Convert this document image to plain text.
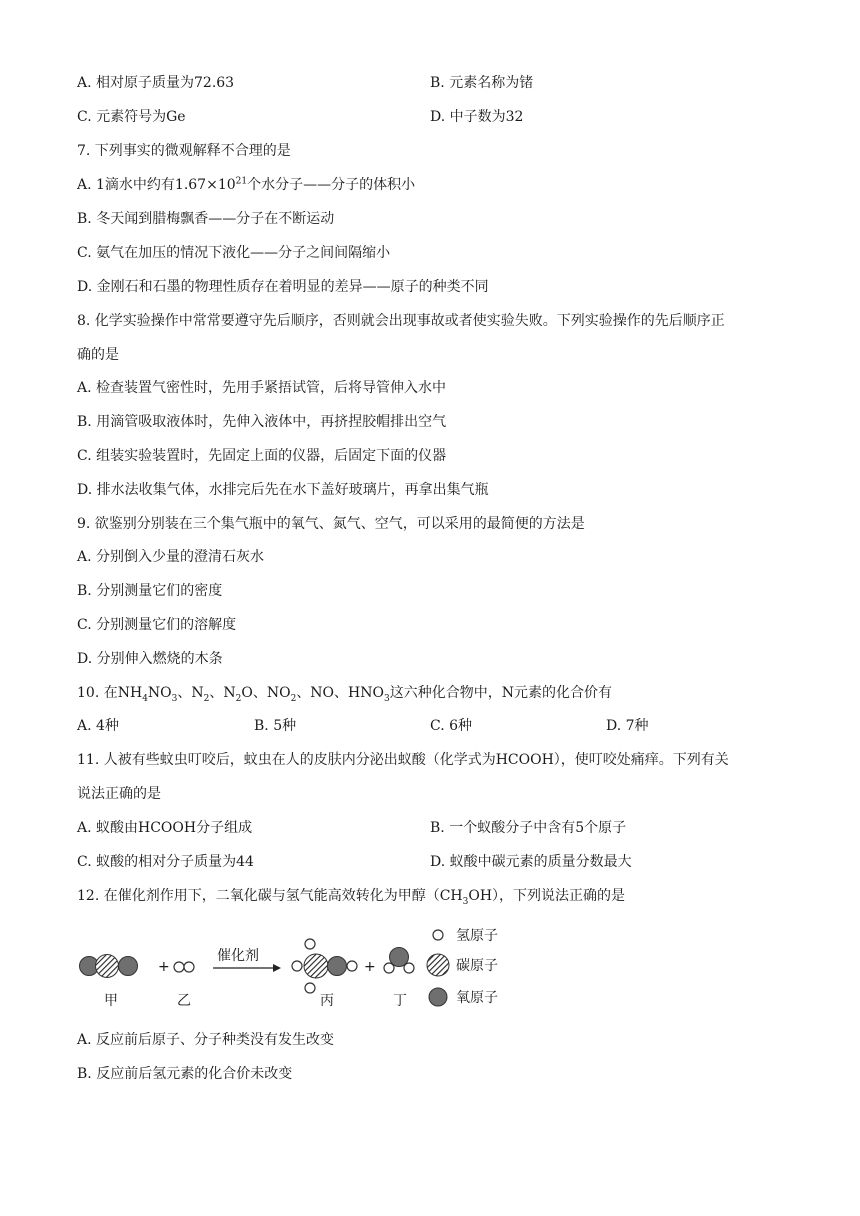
A. 相对原子质量为72.63	B. 元素名称为锗
C. 元素符号为Ge	D. 中子数为32
7. 下列事实的微观解释不合理的是
A. 1滴水中约有$1.67\times 10^{21}$个水分子——分子的体积小
B. 冬天闻到腊梅飘香——分子在不断运动
C. 氨气在加压的情况下液化——分子之间间隔缩小
D. 金刚石和石墨的物理性质存在着明显的差异——原子的种类不同
8. 化学实验操作中常常要遵守先后顺序，否则就会出现事故或者使实验失败。下列实验操作的先后顺序正
确的是
A. 检查装置气密性时，先用手紧捂试管，后将导管伸入水中
B. 用滴管吸取液体时，先伸入液体中，再挤捏胶帽排出空气
C. 组装实验装置时，先固定上面的仪器，后固定下面的仪器
D. 排水法收集气体，水排完后先在水下盖好玻璃片，再拿出集气瓶
9. 欲鉴别分别装在三个集气瓶中的氧气、氮气、空气，可以采用的最简便的方法是
A. 分别倒入少量的澄清石灰水
B. 分别测量它们的密度
C. 分别测量它们的溶解度
D. 分别伸入燃烧的木条
10. 在$NH_4NO_3$、$N_2$、$N_2O$、$NO_2$、NO、$HNO_3$这六种化合物中，N元素的化合价有
A. 4种	B. 5种	C. 6种	D. 7种
11. 人被有些蚊虫叮咬后，蚊虫在人的皮肤内分泌出蚁酸（化学式为HCOOH），使叮咬处痛痒。下列有关
说法正确的是
A. 蚁酸由HCOOH分子组成	B. 一个蚁酸分子中含有5个原子
C. 蚁酸的相对分子质量为44	D. 蚁酸中碳元素的质量分数最大
12. 在催化剂作用下，二氧化碳与氢气能高效转化为甲醇$(CH_3OH)$，下列说法正确的是
+
催化剂
+
甲	乙	丙	丁
氢原子
碳原子
氧原子
A. 反应前后原子、分子种类没有发生改变
B. 反应前后氢元素的化合价未改变
